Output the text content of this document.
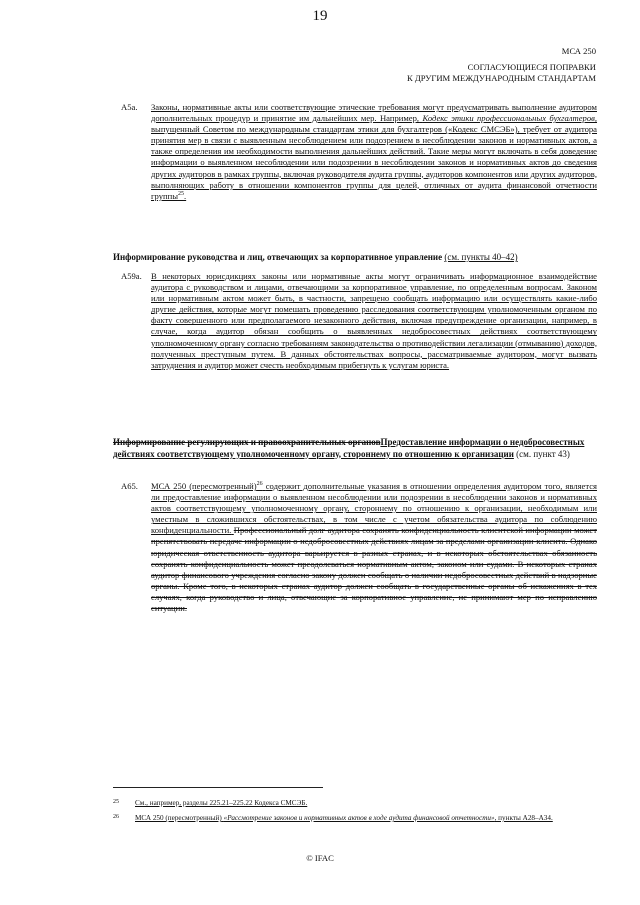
19
МСА 250
СОГЛАСУЮЩИЕСЯ ПОПРАВКИ
К ДРУГИМ МЕЖДУНАРОДНЫМ СТАНДАРТАМ
A5a. Законы, нормативные акты или соответствующие этические требования могут предусматривать выполнение аудитором дополнительных процедур и принятие им дальнейших мер. Например, Кодекс этики профессиональных бухгалтеров, выпущенный Советом по международным стандартам этики для бухгалтеров («Кодекс СМСЭБ»), требует от аудитора принятия мер в связи с выявленным несоблюдением или подозрением в несоблюдении законов и нормативных актов, а также определения им необходимости выполнения дальнейших действий. Такие меры могут включать в себя доведение информации о выявленном несоблюдении или подозрении в несоблюдении законов и нормативных актов до сведения других аудиторов в рамках группы, включая руководителя аудита группы, аудиторов компонентов или других аудиторов, выполняющих работу в отношении компонентов группы для целей, отличных от аудита финансовой отчетности группы$^{25}$.
Информирование руководства и лиц, отвечающих за корпоративное управление (см. пункты 40–42)
A59a. В некоторых юрисдикциях законы или нормативные акты могут ограничивать информационное взаимодействие аудитора с руководством и лицами, отвечающими за корпоративное управление, по определенным вопросам. Законом или нормативным актом может быть, в частности, запрещено сообщать информацию или осуществлять какие-либо другие действия, которые могут помешать проведению расследования соответствующим уполномоченным органом по факту совершенного или предполагаемого незаконного действия, включая предупреждение организации, например, в случае, когда аудитор обязан сообщить о выявленных недобросовестных действиях соответствующему уполномоченному органу согласно требованиям законодательства о противодействии легализации (отмыванию) доходов, полученных преступным путем. В данных обстоятельствах вопросы, рассматриваемые аудитором, могут вызвать затруднения и аудитор может счесть необходимым прибегнуть к услугам юриста.
Информирование регулирующих и правоохранительных органовПредоставление информации о недобросовестных действиях соответствующему уполномоченному органу, стороннему по отношению к организации (см. пункт 43)
A65. МСА 250 (пересмотренный)$^{26}$ содержит дополнительные указания в отношении определения аудитором того, является ли предоставление информации о выявленном несоблюдении или подозрении в несоблюдении законов и нормативных актов соответствующему уполномоченному органу, стороннему по отношению к организации, необходимым или уместным в сложившихся обстоятельствах, в том числе с учетом обязательства аудитора по соблюдению конфиденциальности. Профессиональный долг аудитора сохранять конфиденциальность клиентской информации может препятствовать передаче информации о недобросовестных действиях лицам за пределами организации-клиента. Однако юридическая ответственность аудитора варьируется в разных странах, и в некоторых обстоятельствах обязанность сохранять конфиденциальность может преодолеваться нормативным актом, законом или судами. В некоторых странах аудитор финансового учреждения согласно закону должен сообщать о наличии недобросовестных действий в надзорные органы. Кроме того, в некоторых странах аудитор должен сообщать в государственные органы об искажениях в тех случаях, когда руководство и лица, отвечающие за корпоративное управление, не принимают мер по исправлению ситуации.
25 См., например, разделы 225.21–225.22 Кодекса СМСЭБ.
26 МСА 250 (пересмотренный) «Рассмотрение законов и нормативных актов в ходе аудита финансовой отчетности», пункты A28–A34.
© IFAC
